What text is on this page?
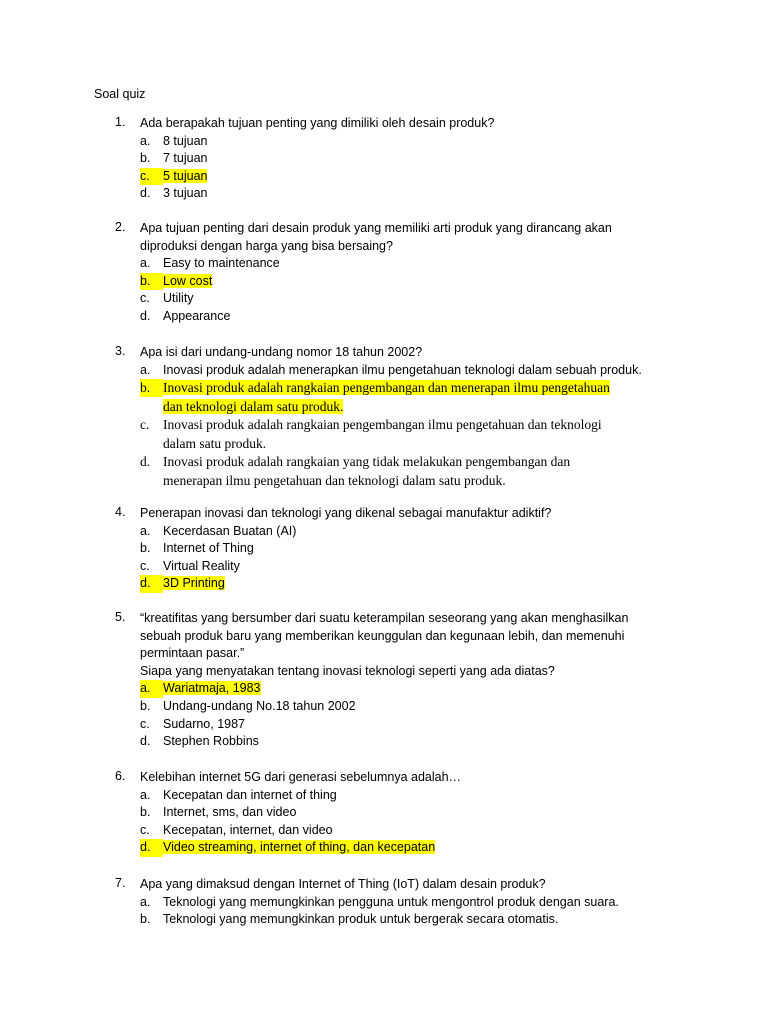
Soal quiz
1.	Ada berapakah tujuan penting yang dimiliki oleh desain produk?
a. 8 tujuan
b. 7 tujuan
c. 5 tujuan
d. 3 tujuan
2.	Apa tujuan penting dari desain produk yang memiliki arti produk yang dirancang akan
diproduksi dengan harga yang bisa bersaing?
a. Easy to maintenance
b. Low cost
c. Utility
d. Appearance
3.	Apa isi dari undang-undang nomor 18 tahun 2002?
a. Inovasi produk adalah menerapkan ilmu pengetahuan teknologi dalam sebuah produk.
b. Inovasi produk adalah rangkaian pengembangan dan menerapan ilmu pengetahuan
dan teknologi dalam satu produk.
c. Inovasi produk adalah rangkaian pengembangan ilmu pengetahuan dan teknologi
dalam satu produk.
d. Inovasi produk adalah rangkaian yang tidak melakukan pengembangan dan
menerapan ilmu pengetahuan dan teknologi dalam satu produk.
4.	Penerapan inovasi dan teknologi yang dikenal sebagai manufaktur adiktif?
a. Kecerdasan Buatan (AI)
b. Internet of Thing
c. Virtual Reality
d. 3D Printing
5.	“kreatifitas yang bersumber dari suatu keterampilan seseorang yang akan menghasilkan
sebuah produk baru yang memberikan keunggulan dan kegunaan lebih, dan memenuhi
permintaan pasar.”
Siapa yang menyatakan tentang inovasi teknologi seperti yang ada diatas?
a. Wariatmaja, 1983
b. Undang-undang No.18 tahun 2002
c. Sudarno, 1987
d. Stephen Robbins
6.	Kelebihan internet 5G dari generasi sebelumnya adalah…
a. Kecepatan dan internet of thing
b. Internet, sms, dan video
c. Kecepatan, internet, dan video
d. Video streaming, internet of thing, dan kecepatan
7.	Apa yang dimaksud dengan Internet of Thing (IoT) dalam desain produk?
a. Teknologi yang memungkinkan pengguna untuk mengontrol produk dengan suara.
b. Teknologi yang memungkinkan produk untuk bergerak secara otomatis.
